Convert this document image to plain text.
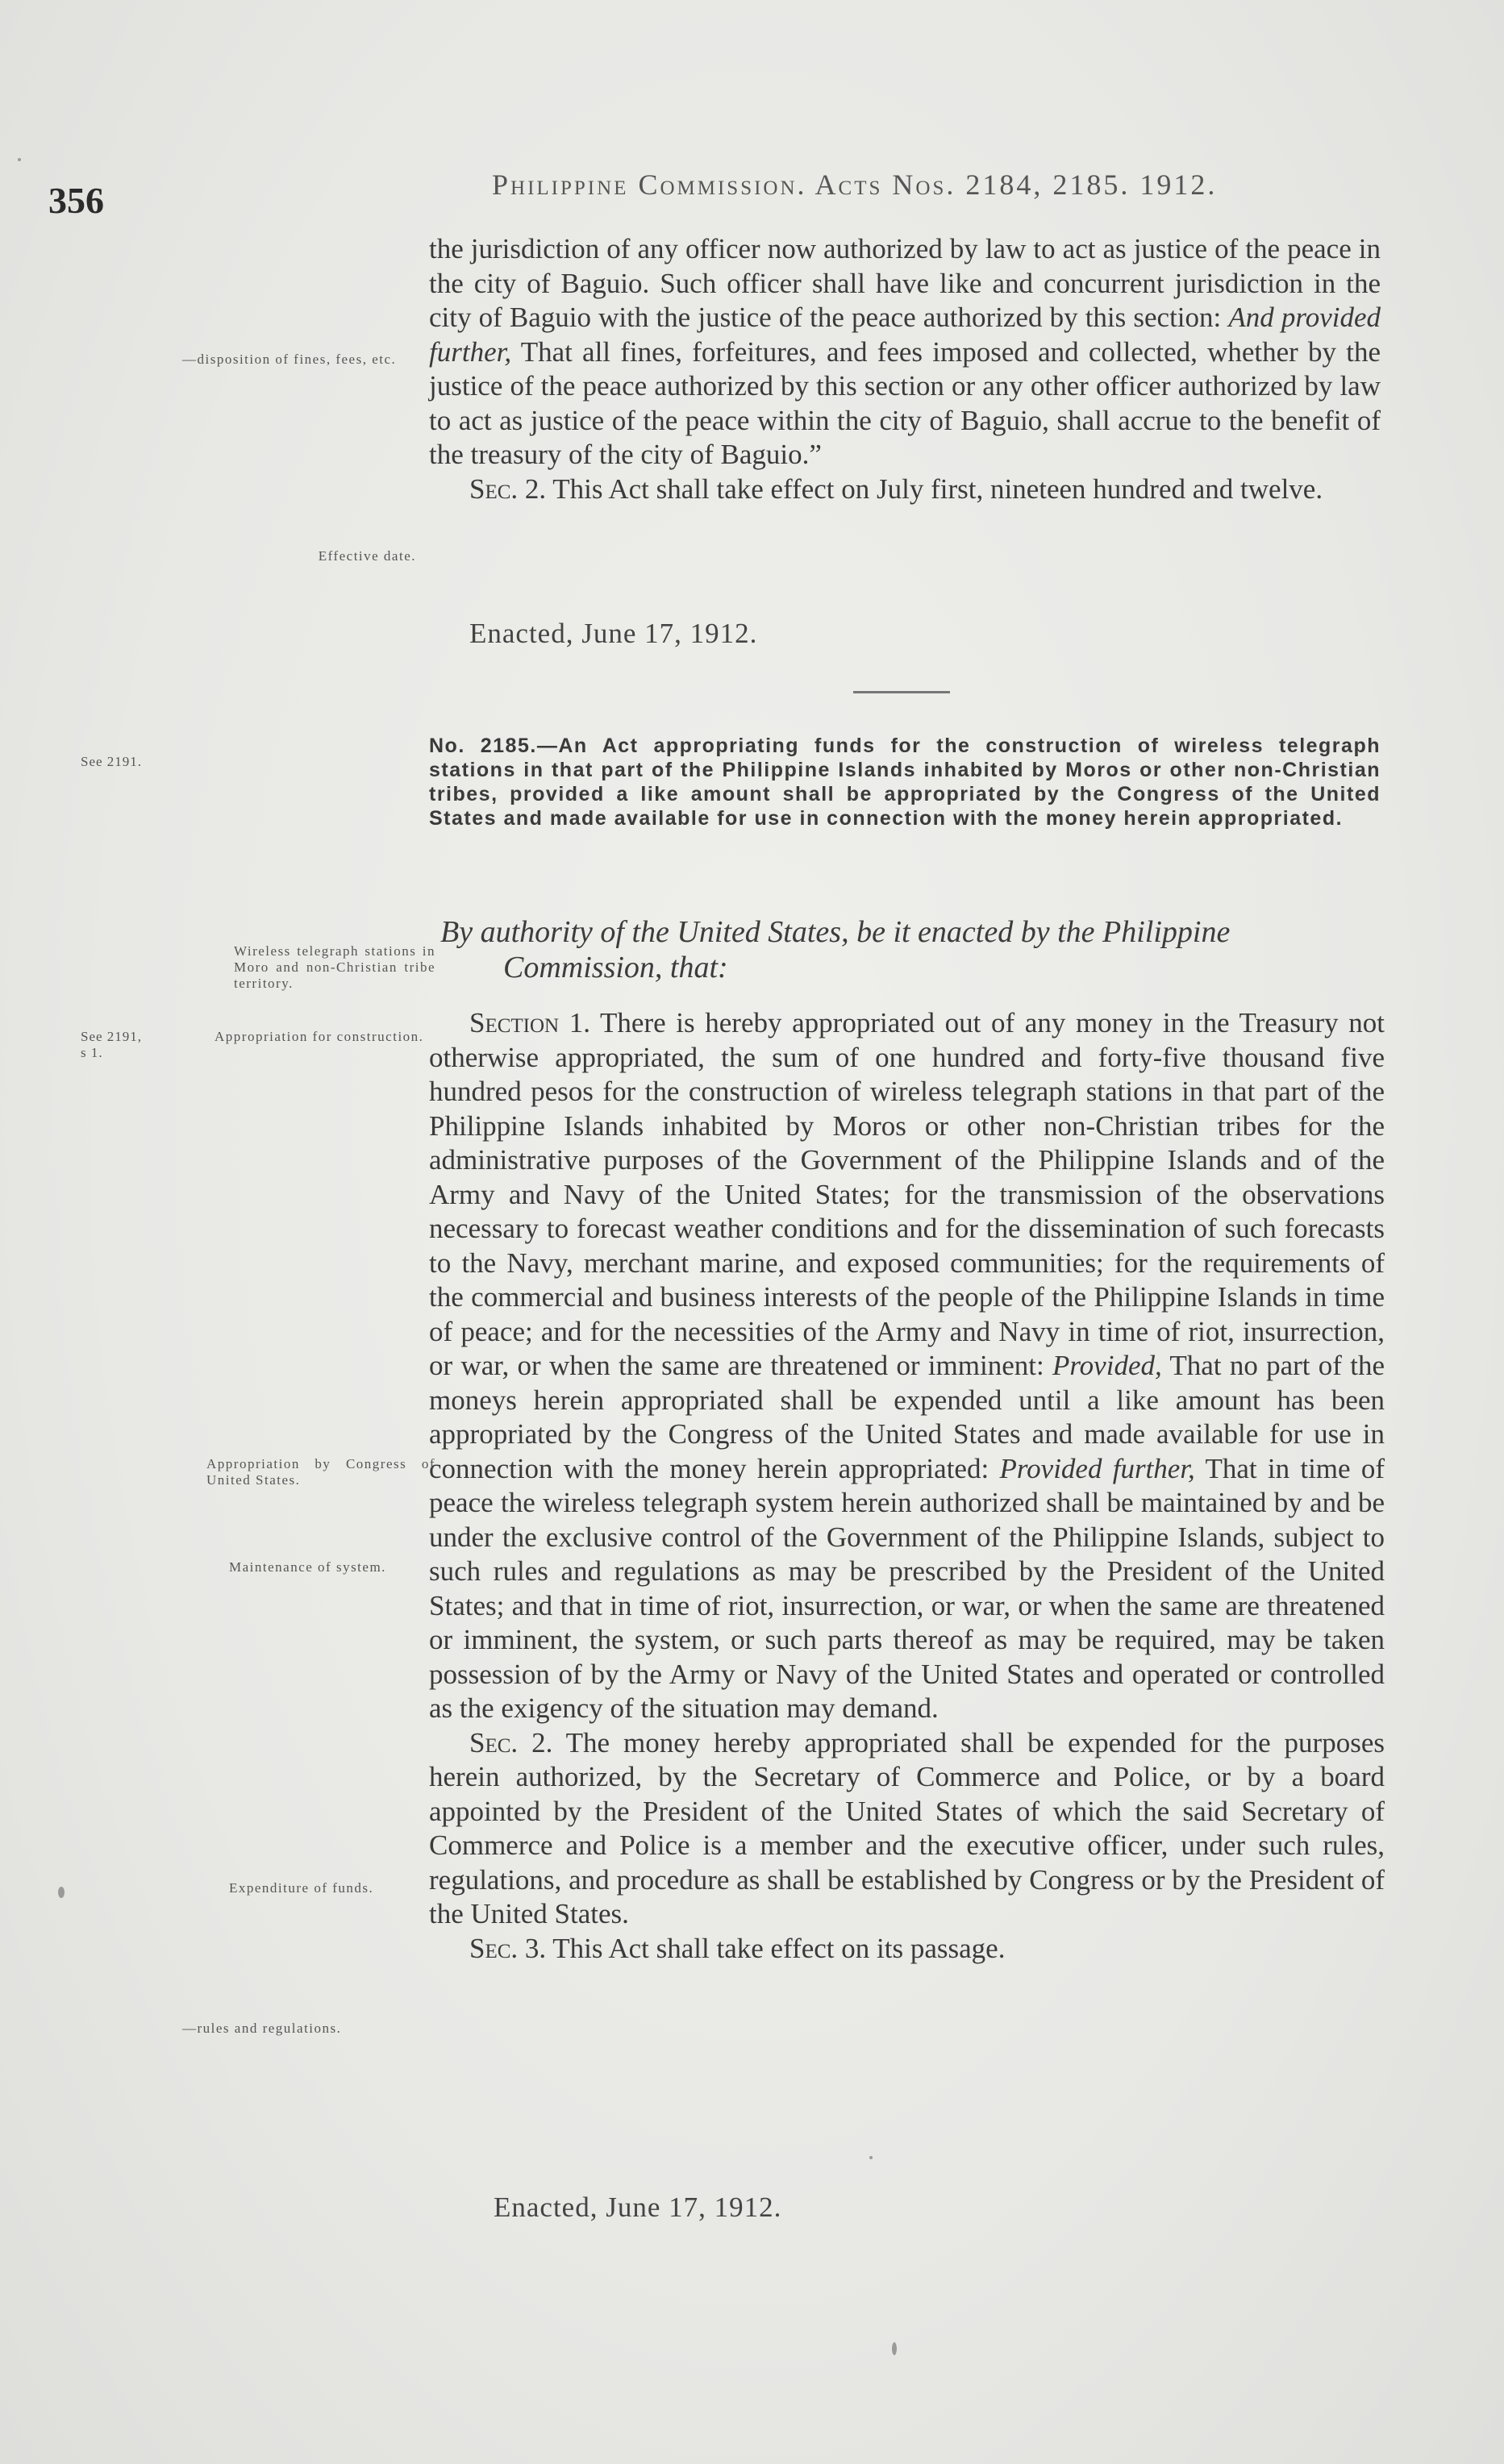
356	Philippine Commission. Acts Nos. 2184, 2185. 1912.

the jurisdiction of any officer now authorized by law to act as justice of the peace in the city of Baguio. Such officer shall have like and concurrent jurisdiction in the city of Baguio with the justice of the peace authorized by this section: And provided further, That all fines, forfeitures, and fees imposed and collected, whether by the justice of the peace authorized by this section or any other officer authorized by law to act as justice of the peace within the city of Baguio, shall accrue to the benefit of the treasury of the city of Baguio.”

Sec. 2. This Act shall take effect on July first, nineteen hundred and twelve.

Enacted, June 17, 1912.
—disposition of fines, fees, etc.
Effective date.
See 2191.
No. 2185.—An Act appropriating funds for the construction of wireless telegraph stations in that part of the Philippine Islands inhabited by Moros or other non-Christian tribes, provided a like amount shall be appropriated by the Congress of the United States and made available for use in connection with the money herein appropriated.
Wireless telegraph stations in Moro and non-Christian tribe territory.
By authority of the United States, be it enacted by the Philippine
Commission, that:
See 2191,
s 1.
Appropriation for construction.	Section 1. There is hereby appropriated out of any money in the Treasury not otherwise appropriated, the sum of one hundred and forty-five thousand five hundred pesos for the construction of wireless telegraph stations in that part of the Philippine Islands inhabited by Moros or other non-Christian tribes for the administrative purposes of the Government of the Philippine Islands and of the Army and Navy of the United States; for the transmission of the observations necessary to forecast weather conditions and for the dissemination of such forecasts to the Navy, merchant marine, and exposed communities; for the requirements of the commercial and business interests of the people of the Philippine Islands in time of peace; and for the necessities of the Army and Navy in time of riot, insurrection, or war, or when the same are threatened or imminent: Provided, That no part of the moneys herein appropriated shall be expended until a like amount has been appropriated by the Congress of the United States and made available for use in connection with the money herein appropriated: Provided further, That in time of peace the wireless telegraph system herein authorized shall be maintained by and be under the exclusive control of the Government of the Philippine Islands, subject to such rules and regulations as may be prescribed by the President of the United States; and that in time of riot, insurrection, or war, or when the same are threatened or imminent, the system, or such parts thereof as may be required, may be taken possession of by the Army or Navy of the United States and operated or controlled as the exigency of the situation may demand.

Sec. 2. The money hereby appropriated shall be expended for the purposes herein authorized, by the Secretary of Commerce and Police, or by a board appointed by the President of the United States of which the said Secretary of Commerce and Police is a member and the executive officer, under such rules, regulations, and procedure as shall be established by Congress or by the President of the United States.

Sec. 3. This Act shall take effect on its passage.

Enacted, June 17, 1912.
Appropriation by Congress of United States.
Maintenance of system.
Expenditure of funds.
—rules and regulations.
